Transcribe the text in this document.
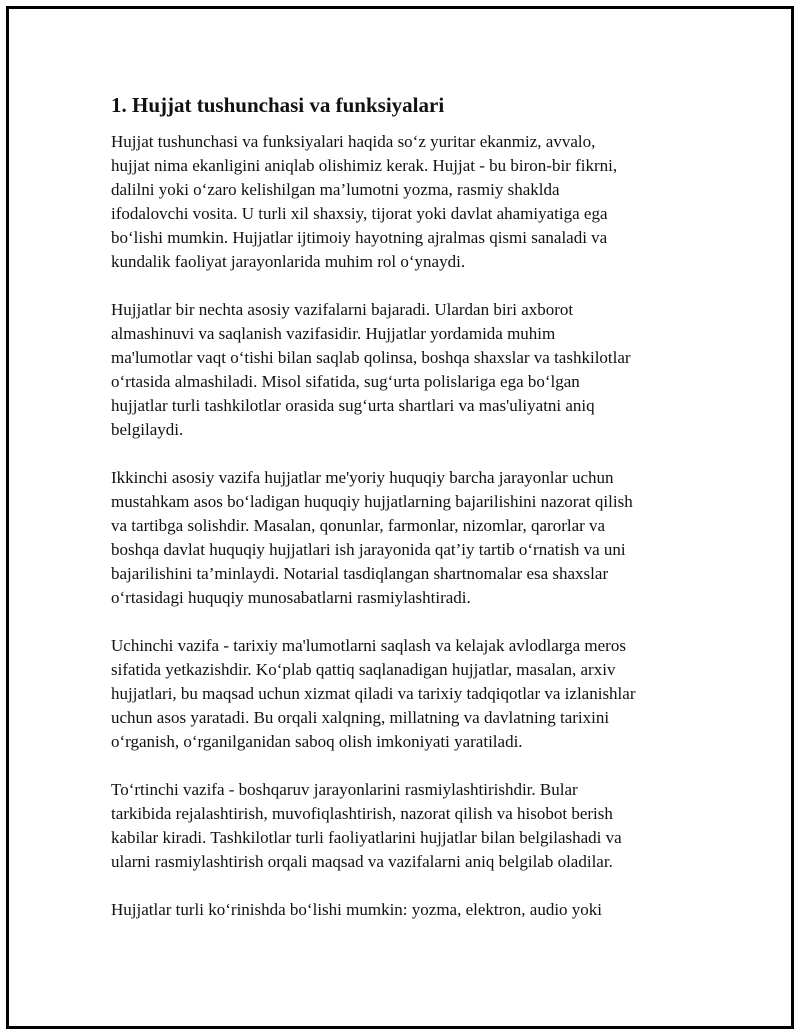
1. Hujjat tushunchasi va funksiyalari
Hujjat tushunchasi va funksiyalari haqida so‘z yuritar ekanmiz, avvalo,
hujjat nima ekanligini aniqlab olishimiz kerak. Hujjat - bu biron-bir fikrni,
dalilni yoki o‘zaro kelishilgan ma’lumotni yozma, rasmiy shaklda
ifodalovchi vosita. U turli xil shaxsiy, tijorat yoki davlat ahamiyatiga ega
bo‘lishi mumkin. Hujjatlar ijtimoiy hayotning ajralmas qismi sanaladi va
kundalik faoliyat jarayonlarida muhim rol o‘ynaydi.
Hujjatlar bir nechta asosiy vazifalarni bajaradi. Ulardan biri axborot
almashinuvi va saqlanish vazifasidir. Hujjatlar yordamida muhim
ma'lumotlar vaqt o‘tishi bilan saqlab qolinsa, boshqa shaxslar va tashkilotlar
o‘rtasida almashiladi. Misol sifatida, sug‘urta polislariga ega bo‘lgan
hujjatlar turli tashkilotlar orasida sug‘urta shartlari va mas'uliyatni aniq
belgilaydi.
Ikkinchi asosiy vazifa hujjatlar me'yoriy huquqiy barcha jarayonlar uchun
mustahkam asos bo‘ladigan huquqiy hujjatlarning bajarilishini nazorat qilish
va tartibga solishdir. Masalan, qonunlar, farmonlar, nizomlar, qarorlar va
boshqa davlat huquqiy hujjatlari ish jarayonida qat’iy tartib o‘rnatish va uni
bajarilishini ta’minlaydi. Notarial tasdiqlangan shartnomalar esa shaxslar
o‘rtasidagi huquqiy munosabatlarni rasmiylashtiradi.
Uchinchi vazifa - tarixiy ma'lumotlarni saqlash va kelajak avlodlarga meros
sifatida yetkazishdir. Ko‘plab qattiq saqlanadigan hujjatlar, masalan, arxiv
hujjatlari, bu maqsad uchun xizmat qiladi va tarixiy tadqiqotlar va izlanishlar
uchun asos yaratadi. Bu orqali xalqning, millatning va davlatning tarixini
o‘rganish, o‘rganilganidan saboq olish imkoniyati yaratiladi.
To‘rtinchi vazifa - boshqaruv jarayonlarini rasmiylashtirishdir. Bular
tarkibida rejalashtirish, muvofiqlashtirish, nazorat qilish va hisobot berish
kabilar kiradi. Tashkilotlar turli faoliyatlarini hujjatlar bilan belgilashadi va
ularni rasmiylashtirish orqali maqsad va vazifalarni aniq belgilab oladilar.
Hujjatlar turli ko‘rinishda bo‘lishi mumkin: yozma, elektron, audio yoki
